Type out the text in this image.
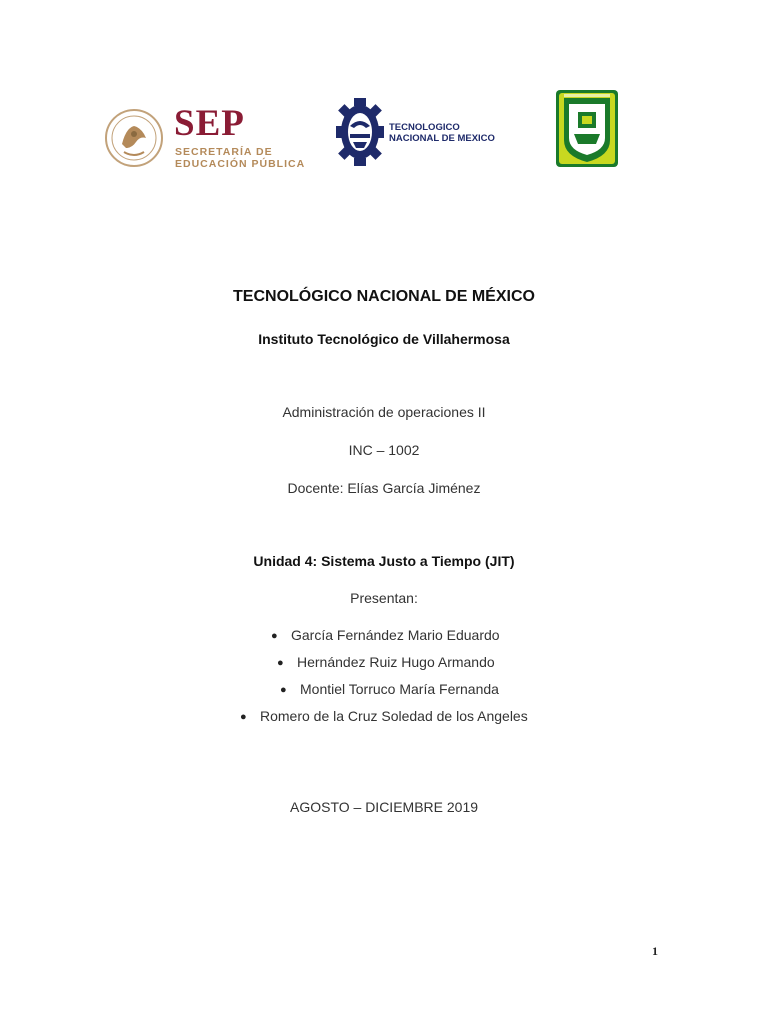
SEP
SECRETARÍA DE
EDUCACIÓN PÚBLICA
TECNOLOGICO
NACIONAL DE MEXICO
TECNOLÓGICO NACIONAL DE MÉXICO
Instituto Tecnológico de Villahermosa
Administración de operaciones II
INC – 1002
Docente: Elías García Jiménez
Unidad 4: Sistema Justo a Tiempo (JIT)
Presentan:
● García Fernández Mario Eduardo
● Hernández Ruiz Hugo Armando
● Montiel Torruco María Fernanda
● Romero de la Cruz Soledad de los Angeles
AGOSTO – DICIEMBRE 2019
1
